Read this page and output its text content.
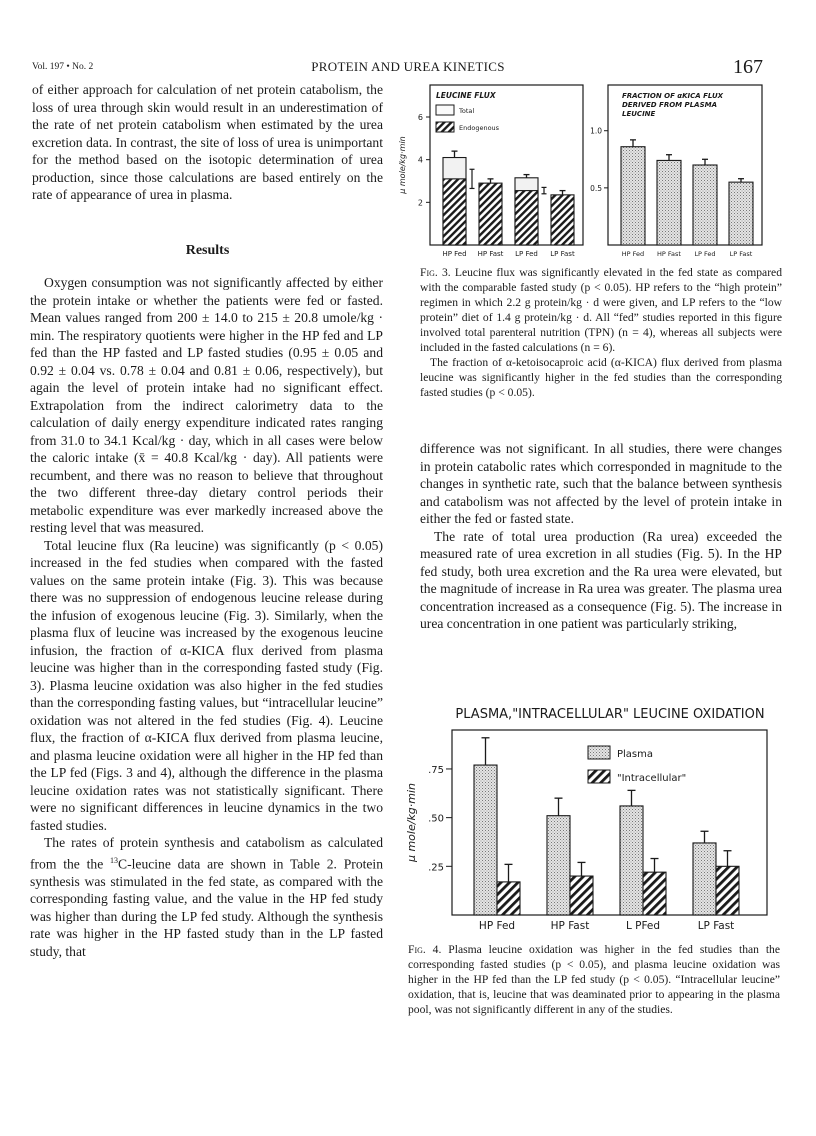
Vol. 197 • No. 2	PROTEIN AND UREA KINETICS	167

of either approach for calculation of net protein catabolism, the loss of urea through skin would result in an underestimation of the rate of net protein catabolism when estimated by the urea excretion data. In contrast, the site of loss of urea is unimportant for the method based on the isotopic determination of urea production, since those calculations are based entirely on the rate of appearance of urea in plasma.

Results

Oxygen consumption was not significantly affected by either the protein intake or whether the patients were fed or fasted. Mean values ranged from 200 ± 14.0 to 215 ± 20.8 umole/kg · min. The respiratory quotients were higher in the HP fed and LP fed than the HP fasted and LP fasted studies (0.95 ± 0.05 and 0.92 ± 0.04 vs. 0.78 ± 0.04 and 0.81 ± 0.06, respectively), but again the level of protein intake had no significant effect. Extrapolation from the indirect calorimetry data to the calculation of daily energy expenditure indicated rates ranging from 31.0 to 34.1 Kcal/kg · day, which in all cases were below the caloric intake (x̄ = 40.8 Kcal/kg · day). All patients were recumbent, and there was no reason to believe that throughout the two different three-day dietary control periods their metabolic expenditure was ever markedly increased above the resting level that was measured.

Total leucine flux (Ra leucine) was significantly (p < 0.05) increased in the fed studies when compared with the fasted values on the same protein intake (Fig. 3). This was because there was no suppression of endogenous leucine release during the infusion of exogenous leucine (Fig. 3). Similarly, when the plasma flux of leucine was increased by the exogenous leucine infusion, the fraction of α-KICA flux derived from plasma leucine was higher than in the corresponding fasted study (Fig. 3). Plasma leucine oxidation was also higher in the fed studies than the corresponding fasting values, but “intracellular leucine” oxidation was not altered in the fed studies (Fig. 4). Leucine flux, the fraction of α-KICA flux derived from plasma leucine, and plasma leucine oxidation were all higher in the HP fed than the LP fed (Figs. 3 and 4), although the difference in the plasma leucine oxidation rates was not statistically significant. There were no significant differences in leucine dynamics in the two fasted studies.

The rates of protein synthesis and catabolism as calculated from the the $^{13}$C-leucine data are shown in Table 2. Protein synthesis was stimulated in the fed state, as compared with the corresponding fasting value, and the value in the HP fed study was higher than during the LP fed study. Although the synthesis rate was higher in the HP fasted study than in the LP fasted study, that

µ mole/kg·min
2
4
6
LEUCINE FLUX
Total
Endogenous
HP Fed HP Fast LP Fed LP Fast
0.5
1.0
FRACTION OF αKICA FLUX
DERIVED FROM PLASMA
LEUCINE
HP Fed HP Fast LP Fed LP Fast

Fig. 3. Leucine flux was significantly elevated in the fed state as compared with the comparable fasted study (p < 0.05). HP refers to the “high protein” regimen in which 2.2 g protein/kg · d were given, and LP refers to the “low protein” diet of 1.4 g protein/kg · d. All “fed” studies reported in this figure involved total parenteral nutrition (TPN) (n = 4), whereas all subjects were included in the fasted calculations (n = 6).

The fraction of α-ketoisocaproic acid (α-KICA) flux derived from plasma leucine was significantly higher in the fed studies than the corresponding fasted studies (p < 0.05).

difference was not significant. In all studies, there were changes in protein catabolic rates which corresponded in magnitude to the changes in synthetic rate, such that the balance between synthesis and catabolism was not affected by the level of protein intake in either the fed or fasted state.

The rate of total urea production (Ra urea) exceeded the measured rate of urea excretion in all studies (Fig. 5). In the HP fed study, both urea excretion and the Ra urea were elevated, but the magnitude of increase in Ra urea was greater. The plasma urea concentration increased as a consequence (Fig. 5). The increase in urea concentration in one patient was particularly striking,

PLASMA,"INTRACELLULAR" LEUCINE OXIDATION
µ mole/kg·min
.25
.50
.75
Plasma
"Intracellular"
HP Fed	HP Fast	L PFed	LP Fast

Fig. 4. Plasma leucine oxidation was higher in the fed studies than the corresponding fasted studies (p < 0.05), and plasma leucine oxidation was higher in the HP fed than the LP fed study (p < 0.05). “Intracellular leucine” oxidation, that is, leucine that was deaminated prior to appearing in the plasma pool, was not significantly different in any of the studies.
